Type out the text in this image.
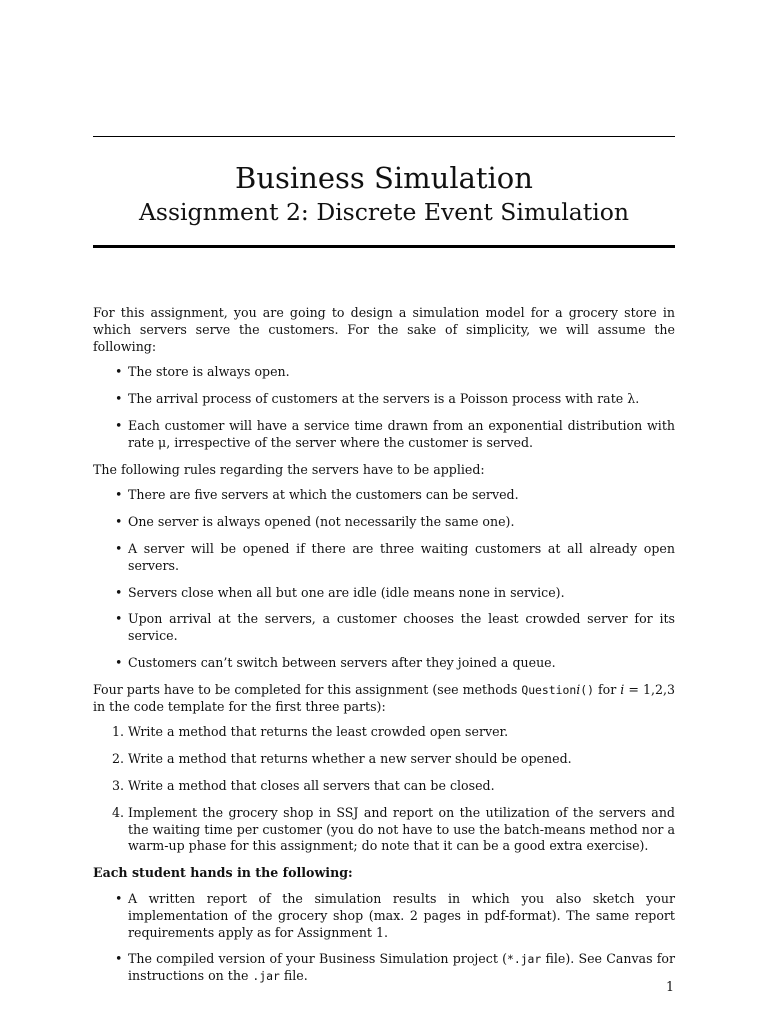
Business Simulation
Assignment 2: Discrete Event Simulation

For this assignment, you are going to design a simulation model for a grocery store in which servers serve the customers. For the sake of simplicity, we will assume the following:

• The store is always open.
• The arrival process of customers at the servers is a Poisson process with rate λ.
• Each customer will have a service time drawn from an exponential distribution with rate μ, irrespective of the server where the customer is served.

The following rules regarding the servers have to be applied:

• There are five servers at which the customers can be served.
• One server is always opened (not necessarily the same one).
• A server will be opened if there are three waiting customers at all already open servers.
• Servers close when all but one are idle (idle means none in service).
• Upon arrival at the servers, a customer chooses the least crowded server for its service.
• Customers can’t switch between servers after they joined a queue.

Four parts have to be completed for this assignment (see methods Questioni() for i = 1,2,3 in the code template for the first three parts):

1. Write a method that returns the least crowded open server.
2. Write a method that returns whether a new server should be opened.
3. Write a method that closes all servers that can be closed.
4. Implement the grocery shop in SSJ and report on the utilization of the servers and the waiting time per customer (you do not have to use the batch-means method nor a warm-up phase for this assignment; do note that it can be a good extra exercise).

Each student hands in the following:

• A written report of the simulation results in which you also sketch your implementation of the grocery shop (max. 2 pages in pdf-format). The same report requirements apply as for Assignment 1.
• The compiled version of your Business Simulation project (*.jar file). See Canvas for instructions on the .jar file.
1
